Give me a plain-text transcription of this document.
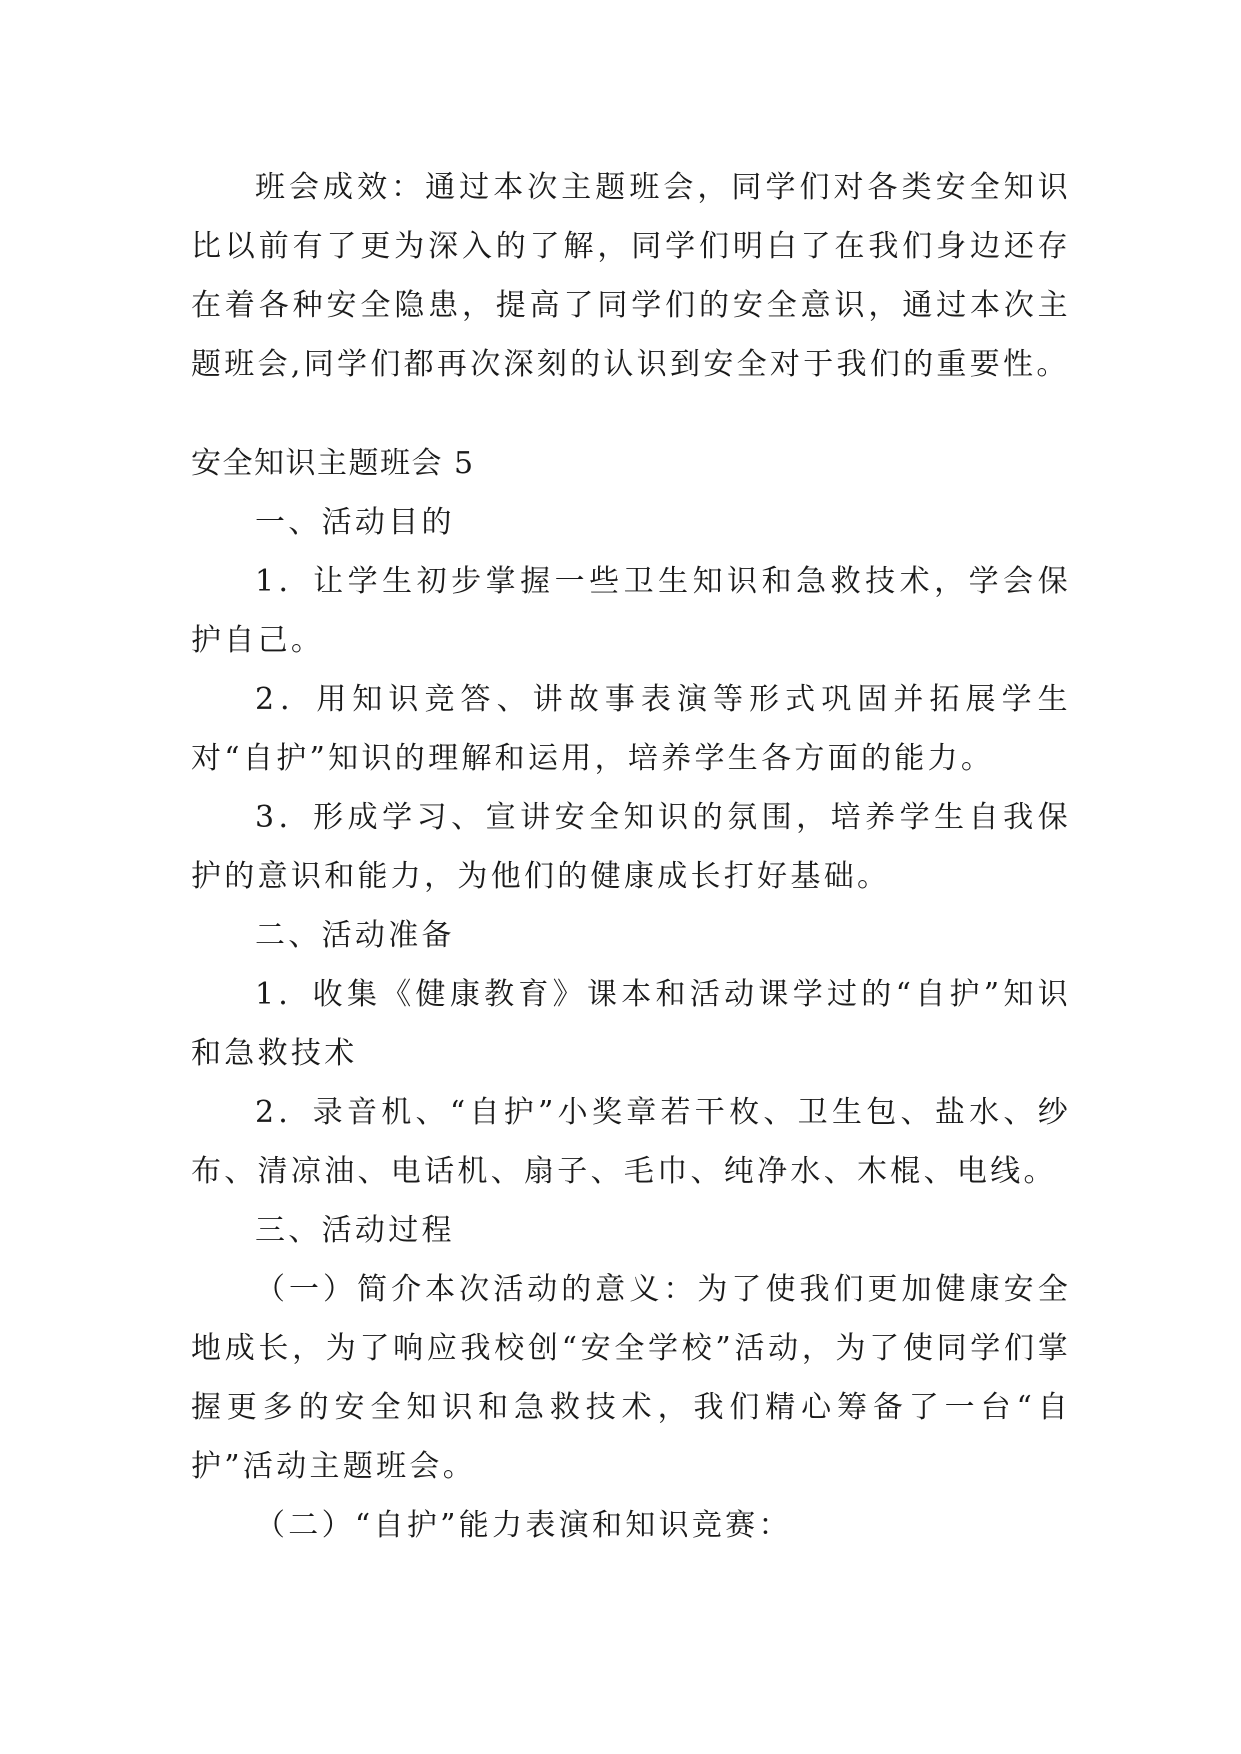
班会成效：通过本次主题班会，同学们对各类安全知识比以前有了更为深入的了解，同学们明白了在我们身边还存在着各种安全隐患，提高了同学们的安全意识，通过本次主题班会,同学们都再次深刻的认识到安全对于我们的重要性。

安全知识主题班会 5

一、活动目的

1．让学生初步掌握一些卫生知识和急救技术，学会保护自己。

2．用知识竞答、讲故事表演等形式巩固并拓展学生对“自护”知识的理解和运用，培养学生各方面的能力。

3．形成学习、宣讲安全知识的氛围，培养学生自我保护的意识和能力，为他们的健康成长打好基础。

二、活动准备

1．收集《健康教育》课本和活动课学过的“自护”知识和急救技术

2．录音机、“自护”小奖章若干枚、卫生包、盐水、纱布、清凉油、电话机、扇子、毛巾、纯净水、木棍、电线。

三、活动过程

（一）简介本次活动的意义：为了使我们更加健康安全地成长，为了响应我校创“安全学校”活动，为了使同学们掌握更多的安全知识和急救技术，我们精心筹备了一台“自护”活动主题班会。

（二）“自护”能力表演和知识竞赛：
